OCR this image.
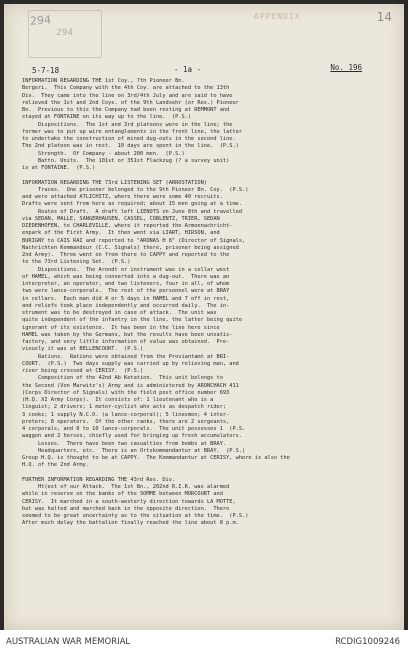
294
294
APPENDIX	14
5-7-18	- 1a -	No. 196
INFORMATION REGARDING THE 1st Coy., 7th Pioneer Bn.
Bergeri.  This Company with the 4th Coy. are attached to the 13th
Div.  They came into the line on 3rd/4th July and are said to have
relieved the 1st and 2nd Coys. of the 9th Landsehr (or Res.) Pioneer
Bn.  Previous to this the Company had been resting at REMMONT and
stayed at FONTAINE on its way up to the line.  (P.S.)
Dispositions.  The 1st and 3rd platoons were in the line; the
former was to put up wire entanglements in the front line, the latter
to undertake the construction of mined dug-outs in the second line.
The 2nd platoon was in rest.  10 days are spent in the line.  (P.S.)
Strength.  Of Company - about 200 men.  (P.S.)
Battn. Units.  The 101st or 351st Flackzug (? a survey unit)
is at FONTAINE.  (P.S.)
INFORMATION REGARDING THE 73rd LISTENING SET (ARROSTATION)
Traces.  One prisoner belonged to the 9th Pioneer Bn. Coy.  (P.S.)
and were attached ATLICHITZ, where there were some 40 recruits.
Drafts were sent from here as required; about 15 men going at a time.
Routes of Draft.  A draft left LIENOTS on June 8th and travelled
via SEDAN, MALLE, SANGERHAUSEN, CASSEL, COBLENTZ, TRIER, SEDAN
DIEDENHOFEN, to CHARLEVILLE, where it reported the Armeenachricht-
enpark of the First Army.  It then went via LIART, HIRSON, and
BURIGNY to CAIS RAI and reported to "ARONAS H 8" (Director of Signals,
Nachrichten Kommandeur (C.C. Signals) there, prisoner being assigned
2nd Army).  Three went on from there to CAPPY and reported to the
to the 73rd Listening Set.  (P.S.)
Dispositions.  The Arondt or instrument was in a cellar west
of HAMEL, which was being converted into a dug-out.  There was an
interpreter, an operator, and two listeners, four in all, of whom
two were lance-corporals.  The rest of the personnel were at BRAY
in cellars.  Each man did 4 or 5 days in HAMEL and 7 off in rest,
and reliefs took place independently and occurred daily.  The in-
strument was to be destroyed in case of attack.  The unit was
quite independent of the infantry in the line, the latter being quite
ignorant of its existence.  It has been in the line here since
HAMEL was taken by the Germans, but the results have been unsatis-
factory, and very little information of value was obtained.  Pre-
viously it was at BELLENCOURT.  (P.S.)
Rations.  Rations were obtained from the Proviantamt at BRI-
COURT.  (P.S.)  Two days supply was carried up by relieving man, and
river being crossed at CERISY.  (P.S.)
Composition of the 42nd Ab Ketation.  This unit belongs to
the Second (Von Marwitz's) Army and is administered by ARONCHACH 411
(Corps Director of Signals) with the field post office number 693
(H.Q. XI Army Corps).  It consists of: 1 lieutenant who is a
linguist; 2 drivers; 1 motor-cyclist who acts as despatch rider;
3 cooks; 1 supply N.C.O. (a lance-corporal); 5 linesmen; 4 inter-
preters; 8 operators.  Of the other ranks, there are 2 sergeants,
4 corporals, and 8 to 10 lance-corporals.  The unit possesses 1  (P.S.
waggon and 2 horses, chiefly used for bringing up fresh accumulators.
Losses.  There have been two casualties from bombs at BRAY.
Headquarters, etc.  There is an Ortskommandantur at BRAY.  (P.S.)
Group H.Q. is thought to be at CAPPY.  The Kommandantur at CERISY, where is also the
H.Q. of the 2nd Army.
FURTHER INFORMATION REGARDING THE 43rd Res. Div.
Ht(est of our Attack.  The 1st Bn., 202nd R.I.R. was alarmed
while in reserve on the banks of the SOMME between MORCOURT and
CERISY.  It marched in a south-westerly direction towards LA MOTTE,
but was halted and marched back in the opposite direction.  There
seemed to be great uncertainty as to the situation at the time.  (P.S.)
After much delay the battalion finally reached the line about 8 p.m.
AUSTRALIAN WAR MEMORIAL	RCDIG1009246
